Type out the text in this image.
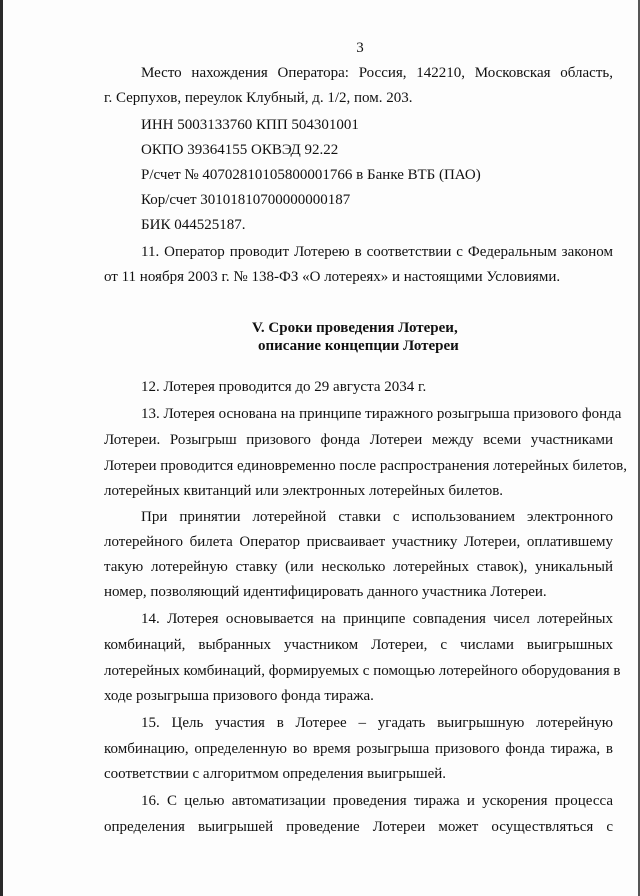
3
Место нахождения Оператора: Россия, 142210, Московская область,
г. Серпухов, переулок Клубный, д. 1/2, пом. 203.
ИНН 5003133760 КПП 504301001
ОКПО 39364155 ОКВЭД 92.22
Р/счет № 40702810105800001766 в Банке ВТБ (ПАО)
Кор/счет 30101810700000000187
БИК 044525187.
11. Оператор проводит Лотерею в соответствии с Федеральным законом
от 11 ноября 2003 г. № 138-ФЗ «О лотереях» и настоящими Условиями.
V. Сроки проведения Лотереи,
описание концепции Лотереи
12. Лотерея проводится до 29 августа 2034 г.
13. Лотерея основана на принципе тиражного розыгрыша призового фонда
Лотереи. Розыгрыш призового фонда Лотереи между всеми участниками
Лотереи проводится единовременно после распространения лотерейных билетов,
лотерейных квитанций или электронных лотерейных билетов.
При принятии лотерейной ставки с использованием электронного
лотерейного билета Оператор присваивает участнику Лотереи, оплатившему
такую лотерейную ставку (или несколько лотерейных ставок), уникальный
номер, позволяющий идентифицировать данного участника Лотереи.
14. Лотерея основывается на принципе совпадения чисел лотерейных
комбинаций, выбранных участником Лотереи, с числами выигрышных
лотерейных комбинаций, формируемых с помощью лотерейного оборудования в
ходе розыгрыша призового фонда тиража.
15. Цель участия в Лотерее – угадать выигрышную лотерейную
комбинацию, определенную во время розыгрыша призового фонда тиража, в
соответствии с алгоритмом определения выигрышей.
16. С целью автоматизации проведения тиража и ускорения процесса
определения выигрышей проведение Лотереи может осуществляться с
